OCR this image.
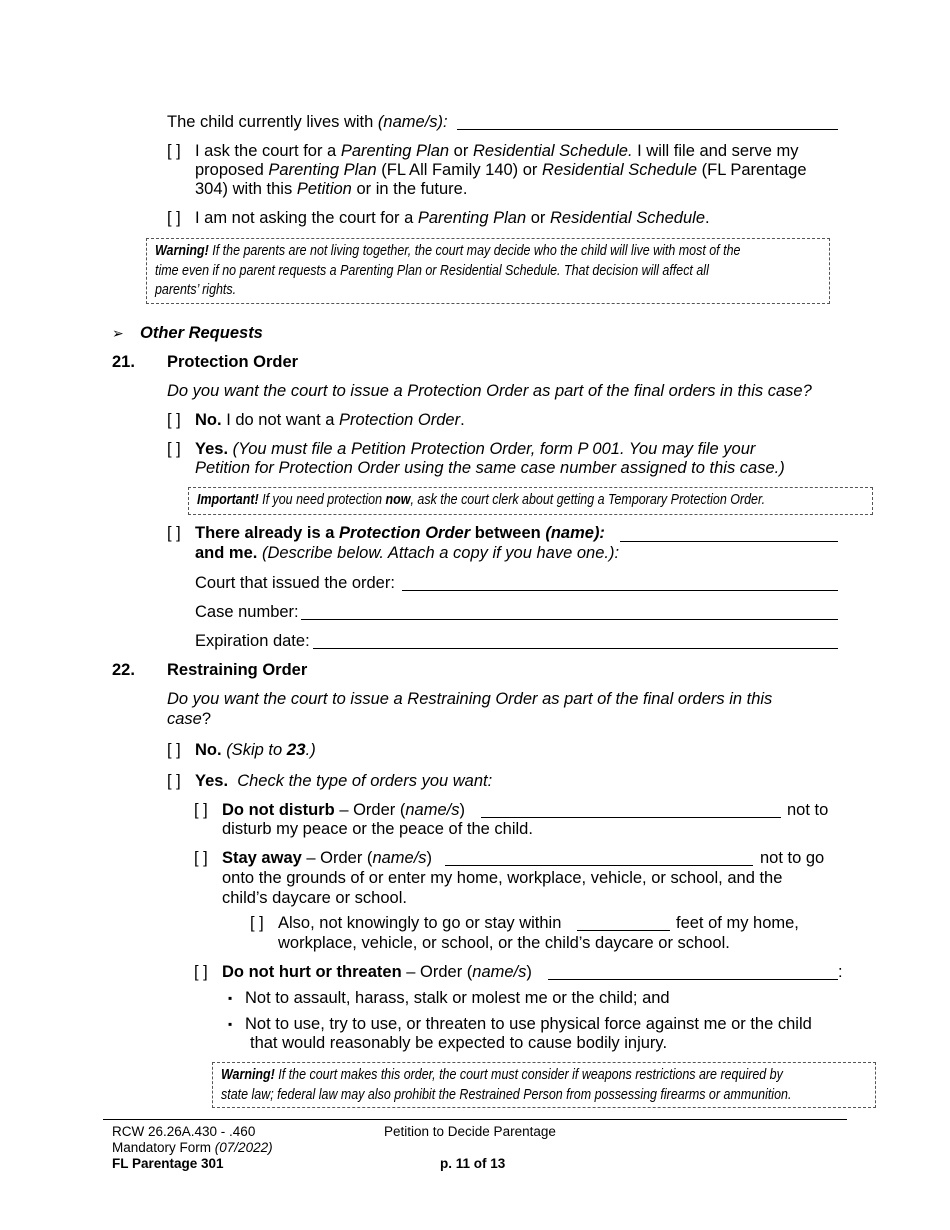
The child currently lives with (name/s):
[ ] I ask the court for a Parenting Plan or Residential Schedule. I will file and serve my
proposed Parenting Plan (FL All Family 140) or Residential Schedule (FL Parentage
304) with this Petition or in the future.
[ ] I am not asking the court for a Parenting Plan or Residential Schedule.
Warning! If the parents are not living together, the court may decide who the child will live with most of the
time even if no parent requests a Parenting Plan or Residential Schedule. That decision will affect all
parents’ rights.
➢ Other Requests
21. Protection Order
Do you want the court to issue a Protection Order as part of the final orders in this case?
[ ] No. I do not want a Protection Order.
[ ] Yes. (You must file a Petition Protection Order, form P 001. You may file your
Petition for Protection Order using the same case number assigned to this case.)
Important! If you need protection now, ask the court clerk about getting a Temporary Protection Order.
[ ] There already is a Protection Order between (name):
and me. (Describe below. Attach a copy if you have one.):
Court that issued the order:
Case number:
Expiration date:
22. Restraining Order
Do you want the court to issue a Restraining Order as part of the final orders in this
case?
[ ] No. (Skip to 23.)
[ ] Yes. Check the type of orders you want:
[ ] Do not disturb – Order (name/s)	not to
disturb my peace or the peace of the child.
[ ] Stay away – Order (name/s)	not to go
onto the grounds of or enter my home, workplace, vehicle, or school, and the
child’s daycare or school.
[ ] Also, not knowingly to go or stay within	feet of my home,
workplace, vehicle, or school, or the child’s daycare or school.
[ ] Do not hurt or threaten – Order (name/s)	:
▪ Not to assault, harass, stalk or molest me or the child; and
▪ Not to use, try to use, or threaten to use physical force against me or the child
that would reasonably be expected to cause bodily injury.
Warning! If the court makes this order, the court must consider if weapons restrictions are required by
state law; federal law may also prohibit the Restrained Person from possessing firearms or ammunition.
RCW 26.26A.430 - .460
Mandatory Form (07/2022)
FL Parentage 301
Petition to Decide Parentage
p. 11 of 13
